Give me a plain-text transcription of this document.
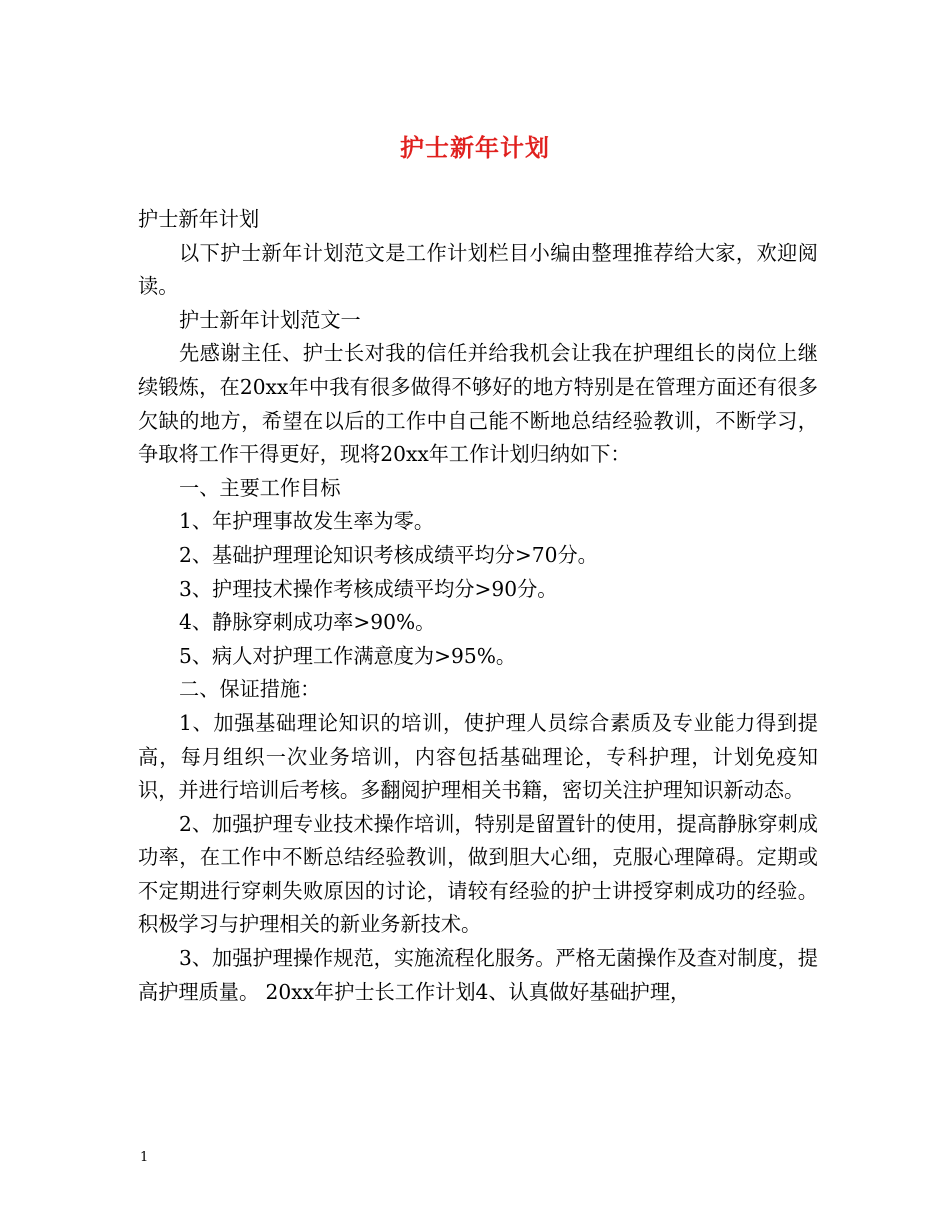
护士新年计划

护士新年计划

以下护士新年计划范文是工作计划栏目小编由整理推荐给大家，欢迎阅读。

护士新年计划范文一

先感谢主任、护士长对我的信任并给我机会让我在护理组长的岗位上继续锻炼，在20xx年中我有很多做得不够好的地方特别是在管理方面还有很多欠缺的地方，希望在以后的工作中自己能不断地总结经验教训，不断学习，争取将工作干得更好，现将20xx年工作计划归纳如下：

一、主要工作目标

1、年护理事故发生率为零。

2、基础护理理论知识考核成绩平均分>70分。

3、护理技术操作考核成绩平均分>90分。

4、静脉穿刺成功率>90%。

5、病人对护理工作满意度为>95%。

二、保证措施：

1、加强基础理论知识的培训，使护理人员综合素质及专业能力得到提高，每月组织一次业务培训，内容包括基础理论，专科护理，计划免疫知识，并进行培训后考核。多翻阅护理相关书籍，密切关注护理知识新动态。

2、加强护理专业技术操作培训，特别是留置针的使用，提高静脉穿刺成功率，在工作中不断总结经验教训，做到胆大心细，克服心理障碍。定期或不定期进行穿刺失败原因的讨论，请较有经验的护士讲授穿刺成功的经验。积极学习与护理相关的新业务新技术。

3、加强护理操作规范，实施流程化服务。严格无菌操作及查对制度，提高护理质量。 20xx年护士长工作计划4、认真做好基础护理，

1
